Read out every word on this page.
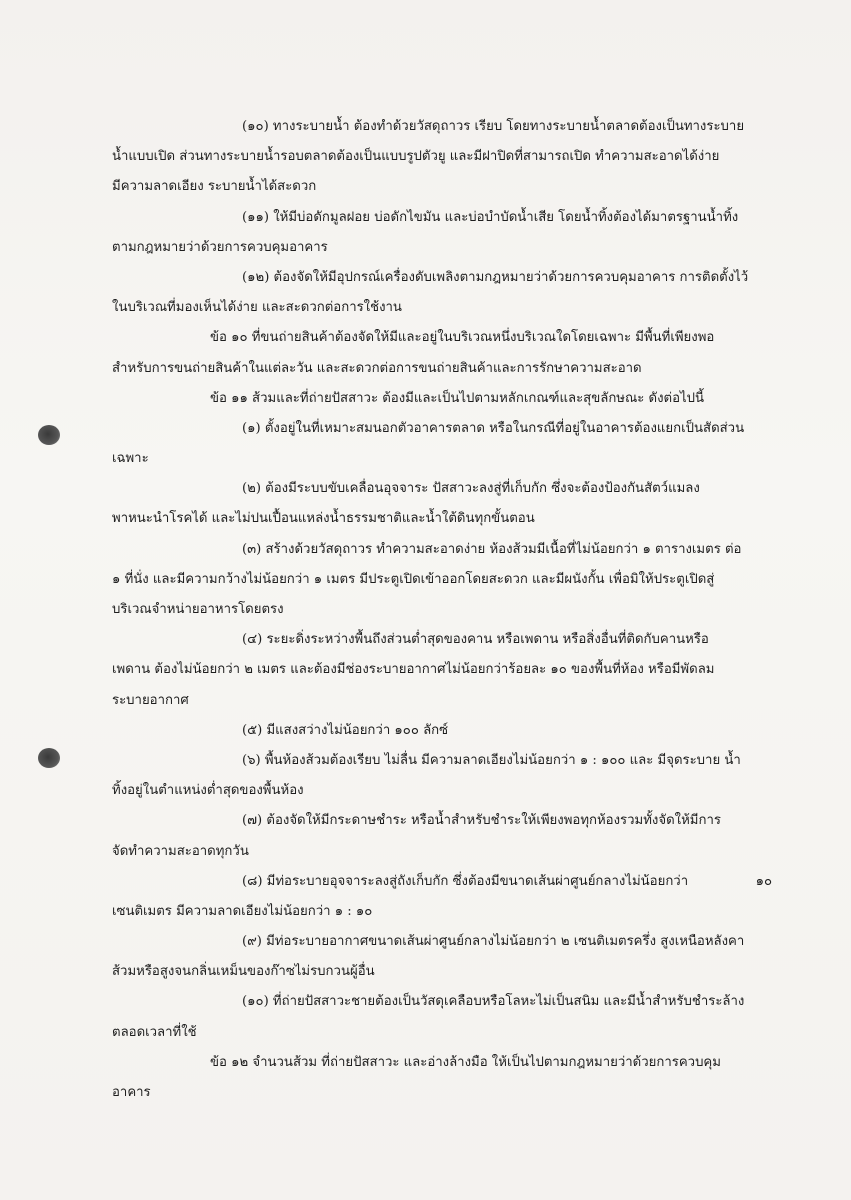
(๑๐) ทางระบายน้ำ ต้องทำด้วยวัสดุถาวร เรียบ โดยทางระบายน้ำตลาดต้องเป็นทางระบาย
น้ำแบบเปิด ส่วนทางระบายน้ำรอบตลาดต้องเป็นแบบรูปตัวยู และมีฝาปิดที่สามารถเปิด ทำความสะอาดได้ง่าย
มีความลาดเอียง ระบายน้ำได้สะดวก
(๑๑) ให้มีบ่อดักมูลฝอย บ่อดักไขมัน และบ่อบำบัดน้ำเสีย โดยน้ำทิ้งต้องได้มาตรฐานน้ำทิ้ง
ตามกฎหมายว่าด้วยการควบคุมอาคาร
(๑๒) ต้องจัดให้มีอุปกรณ์เครื่องดับเพลิงตามกฎหมายว่าด้วยการควบคุมอาคาร การติดตั้งไว้
ในบริเวณที่มองเห็นได้ง่าย และสะดวกต่อการใช้งาน
ข้อ ๑๐ ที่ขนถ่ายสินค้าต้องจัดให้มีและอยู่ในบริเวณหนึ่งบริเวณใดโดยเฉพาะ มีพื้นที่เพียงพอ
สำหรับการขนถ่ายสินค้าในแต่ละวัน และสะดวกต่อการขนถ่ายสินค้าและการรักษาความสะอาด
ข้อ ๑๑ ส้วมและที่ถ่ายปัสสาวะ ต้องมีและเป็นไปตามหลักเกณฑ์และสุขลักษณะ ดังต่อไปนี้
(๑) ตั้งอยู่ในที่เหมาะสมนอกตัวอาคารตลาด หรือในกรณีที่อยู่ในอาคารต้องแยกเป็นสัดส่วน
เฉพาะ
(๒) ต้องมีระบบขับเคลื่อนอุจจาระ ปัสสาวะลงสู่ที่เก็บกัก ซึ่งจะต้องป้องกันสัตว์แมลง
พาหนะนำโรคได้ และไม่ปนเปื้อนแหล่งน้ำธรรมชาติและน้ำใต้ดินทุกขั้นตอน
(๓) สร้างด้วยวัสดุถาวร ทำความสะอาดง่าย ห้องส้วมมีเนื้อที่ไม่น้อยกว่า ๑ ตารางเมตร ต่อ
๑ ที่นั่ง และมีความกว้างไม่น้อยกว่า ๑ เมตร มีประตูเปิดเข้าออกโดยสะดวก และมีผนังกั้น เพื่อมิให้ประตูเปิดสู่
บริเวณจำหน่ายอาหารโดยตรง
(๔) ระยะดิ่งระหว่างพื้นถึงส่วนต่ำสุดของคาน หรือเพดาน หรือสิ่งอื่นที่ติดกับคานหรือ
เพดาน ต้องไม่น้อยกว่า ๒ เมตร และต้องมีช่องระบายอากาศไม่น้อยกว่าร้อยละ ๑๐ ของพื้นที่ห้อง หรือมีพัดลม
ระบายอากาศ
(๕) มีแสงสว่างไม่น้อยกว่า ๑๐๐ ลักซ์
(๖) พื้นห้องส้วมต้องเรียบ ไม่ลื่น มีความลาดเอียงไม่น้อยกว่า ๑ : ๑๐๐ และ มีจุดระบาย น้ำ
ทิ้งอยู่ในตำแหน่งต่ำสุดของพื้นห้อง
(๗) ต้องจัดให้มีกระดาษชำระ หรือน้ำสำหรับชำระให้เพียงพอทุกห้องรวมทั้งจัดให้มีการ
จัดทำความสะอาดทุกวัน
(๘) มีท่อระบายอุจจาระลงสู่ถังเก็บกัก ซึ่งต้องมีขนาดเส้นผ่าศูนย์กลางไม่น้อยกว่า
เซนติเมตร มีความลาดเอียงไม่น้อยกว่า ๑ : ๑๐
๑๐
(๙) มีท่อระบายอากาศขนาดเส้นผ่าศูนย์กลางไม่น้อยกว่า ๒ เซนติเมตรครึ่ง สูงเหนือหลังคา
ส้วมหรือสูงจนกลิ่นเหม็นของก๊าซไม่รบกวนผู้อื่น
(๑๐) ที่ถ่ายปัสสาวะชายต้องเป็นวัสดุเคลือบหรือโลหะไม่เป็นสนิม และมีน้ำสำหรับชำระล้าง
ตลอดเวลาที่ใช้
ข้อ ๑๒ จำนวนส้วม ที่ถ่ายปัสสาวะ และอ่างล้างมือ ให้เป็นไปตามกฎหมายว่าด้วยการควบคุม
อาคาร
